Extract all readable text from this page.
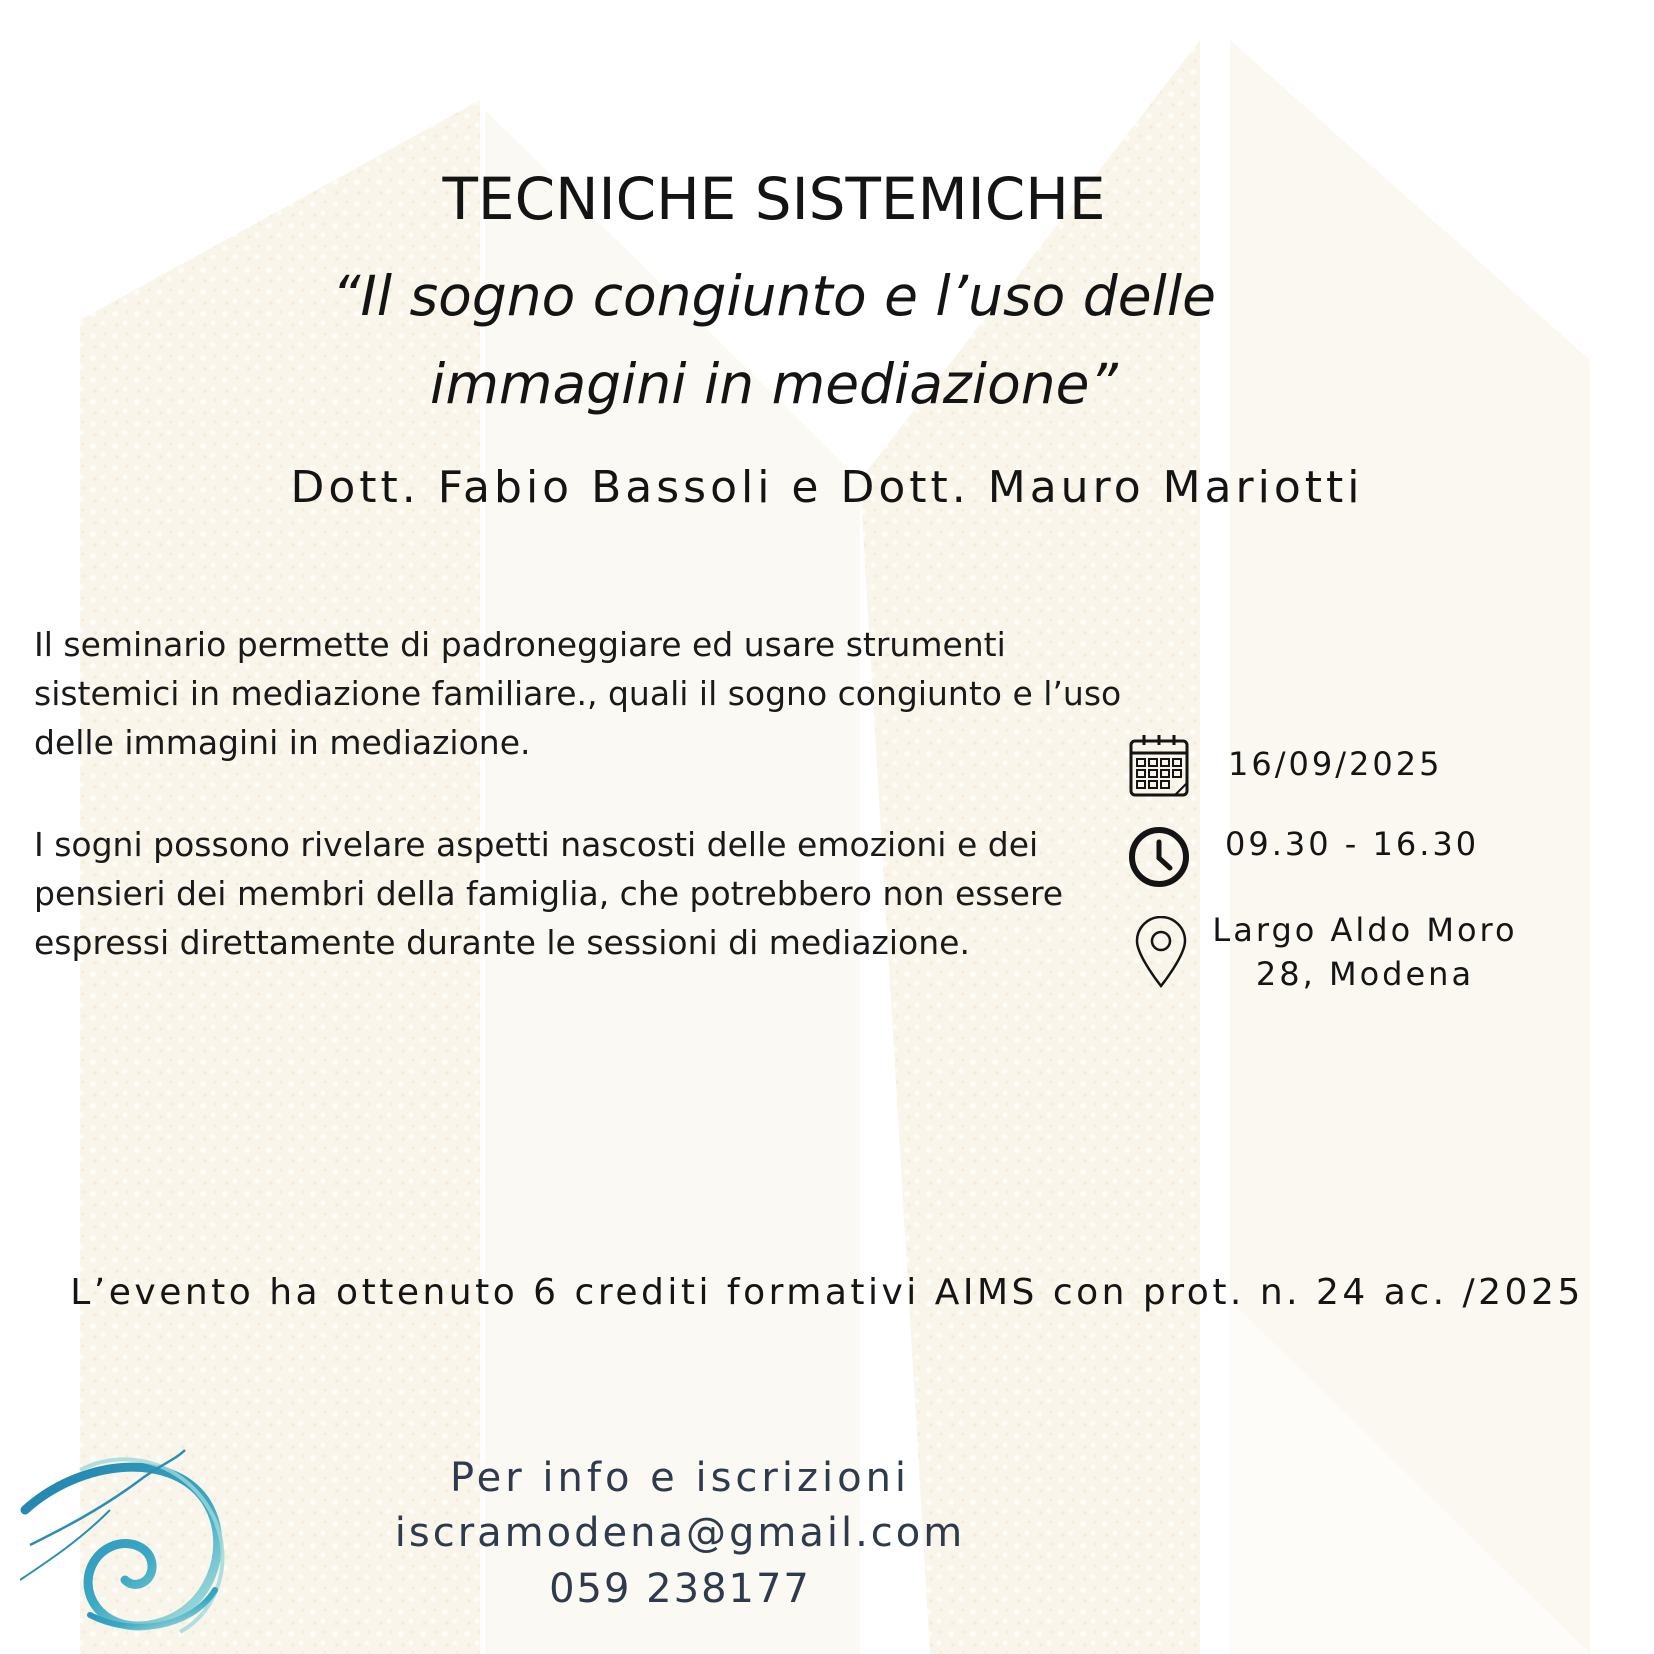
TECNICHE SISTEMICHE
“Il sogno congiunto e l’uso delle
immagini in mediazione”
Dott. Fabio Bassoli e Dott. Mauro Mariotti
Il seminario permette di padroneggiare ed usare strumenti sistemici in mediazione familiare., quali il sogno congiunto e l’uso delle immagini in mediazione.
I sogni possono rivelare aspetti nascosti delle emozioni e dei pensieri dei membri della famiglia, che potrebbero non essere espressi direttamente durante le sessioni di mediazione.
16/09/2025
09.30 - 16.30
Largo Aldo Moro
28, Modena
L’evento ha ottenuto 6 crediti formativi AIMS con prot. n. 24 ac. /2025
Per info e iscrizioni
iscramodena@gmail.com
059 238177
